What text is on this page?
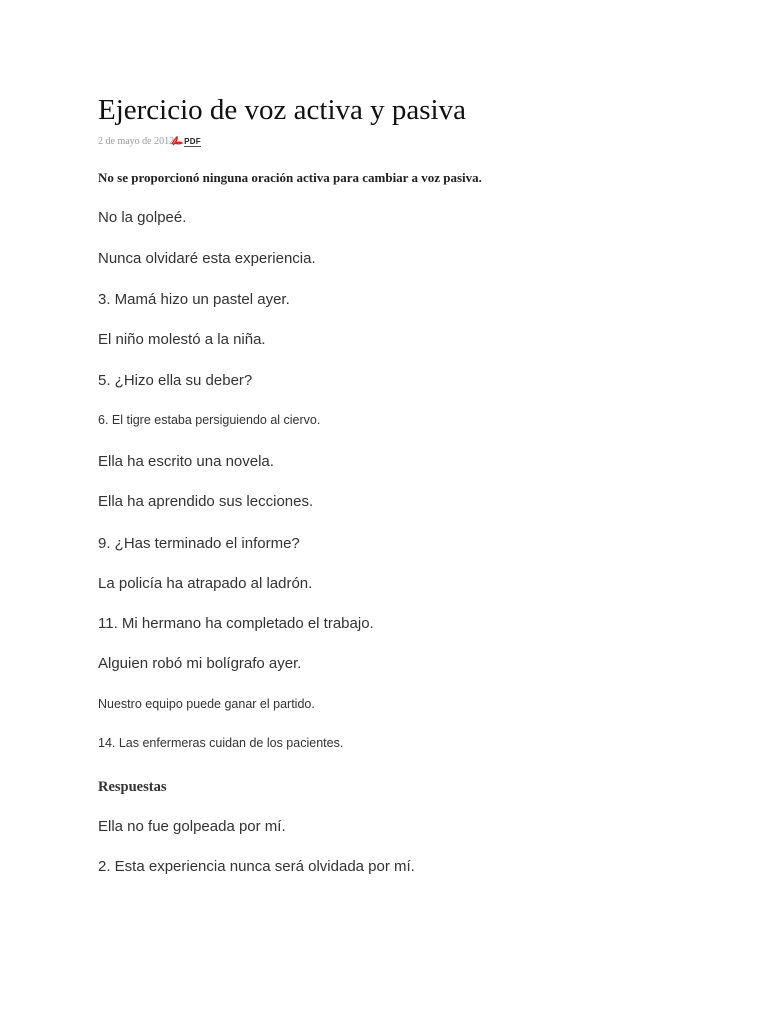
Ejercicio de voz activa y pasiva
2 de mayo de 2012 PDF

No se proporcionó ninguna oración activa para cambiar a voz pasiva.

No la golpeé.

Nunca olvidaré esta experiencia.

3. Mamá hizo un pastel ayer.

El niño molestó a la niña.

5. ¿Hizo ella su deber?

6. El tigre estaba persiguiendo al ciervo.

Ella ha escrito una novela.

Ella ha aprendido sus lecciones.

9. ¿Has terminado el informe?

La policía ha atrapado al ladrón.

11. Mi hermano ha completado el trabajo.

Alguien robó mi bolígrafo ayer.

Nuestro equipo puede ganar el partido.

14. Las enfermeras cuidan de los pacientes.

Respuestas

Ella no fue golpeada por mí.

2. Esta experiencia nunca será olvidada por mí.
